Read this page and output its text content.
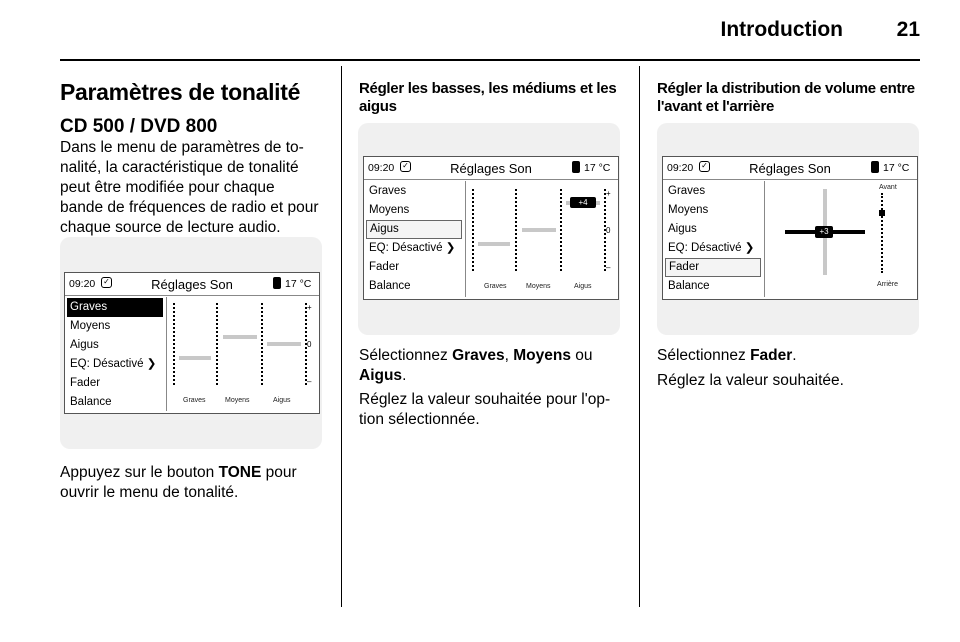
Introduction	21
Paramètres de tonalité
CD 500 / DVD 800
Dans le menu de paramètres de to-
nalité, la caractéristique de tonalité
peut être modifiée pour chaque
bande de fréquences de radio et pour
chaque source de lecture audio.
09:20 ✓	Réglages Son	17 °C
Graves
Moyens
Aigus
EQ: Désactivé ❯
Fader
Balance
+
0
–
Graves	Moyens	Aigus
Appuyez sur le bouton TONE pour
ouvrir le menu de tonalité.
Régler les basses, les médiums et les
aigus
09:20 ✓	Réglages Son	17 °C
Graves
Moyens
Aigus
EQ: Désactivé ❯
Fader
Balance
+4
+
0
–
Graves	Moyens	Aigus
Sélectionnez Graves, Moyens ou
Aigus.
Réglez la valeur souhaitée pour l'op-
tion sélectionnée.
Régler la distribution de volume entre
l'avant et l'arrière
09:20 ✓	Réglages Son	17 °C
Graves
Moyens
Aigus
EQ: Désactivé ❯
Fader
Balance
+3
Avant
Arrière
Sélectionnez Fader.
Réglez la valeur souhaitée.
